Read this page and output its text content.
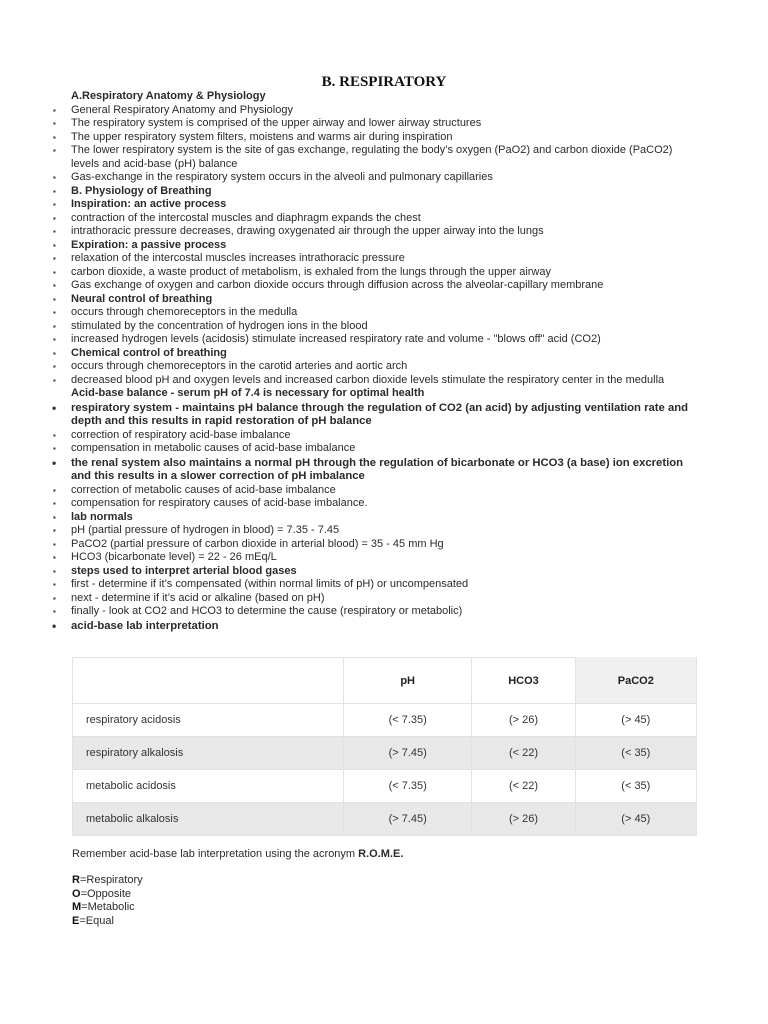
B. RESPIRATORY
A.Respiratory Anatomy & Physiology
▪ General Respiratory Anatomy and Physiology
▪ The respiratory system is comprised of the upper airway and lower airway structures
▪ The upper respiratory system filters, moistens and warms air during inspiration
▪ The lower respiratory system is the site of gas exchange, regulating the body’s oxygen (PaO2) and carbon dioxide (PaCO2) levels and acid-base (pH) balance
▪ Gas-exchange in the respiratory system occurs in the alveoli and pulmonary capillaries
▪ B. Physiology of Breathing
▪ Inspiration: an active process
▪ contraction of the intercostal muscles and diaphragm expands the chest
▪ intrathoracic pressure decreases, drawing oxygenated air through the upper airway into the lungs
▪ Expiration: a passive process
▪ relaxation of the intercostal muscles increases intrathoracic pressure
▪ carbon dioxide, a waste product of metabolism, is exhaled from the lungs through the upper airway
▪ Gas exchange of oxygen and carbon dioxide occurs through diffusion across the alveolar-capillary membrane
▪ Neural control of breathing
▪ occurs through chemoreceptors in the medulla
▪ stimulated by the concentration of hydrogen ions in the blood
▪ increased hydrogen levels (acidosis) stimulate increased respiratory rate and volume - "blows off" acid (CO2)
▪ Chemical control of breathing
▪ occurs through chemoreceptors in the carotid arteries and aortic arch
▪ decreased blood pH and oxygen levels and increased carbon dioxide levels stimulate the respiratory center in the medulla
Acid-base balance - serum pH of 7.4 is necessary for optimal health
• respiratory system - maintains pH balance through the regulation of CO2 (an acid) by adjusting ventilation rate and depth and this results in rapid restoration of pH balance
▪ correction of respiratory acid-base imbalance
▪ compensation in metabolic causes of acid-base imbalance
• the renal system also maintains a normal pH through the regulation of bicarbonate or HCO3 (a base) ion excretion and this results in a slower correction of pH imbalance
▪ correction of metabolic causes of acid-base imbalance
▪ compensation for respiratory causes of acid-base imbalance.
▪ lab normals
▪ pH (partial pressure of hydrogen in blood) = 7.35 - 7.45
▪ PaCO2 (partial pressure of carbon dioxide in arterial blood) = 35 - 45 mm Hg
▪ HCO3 (bicarbonate level) = 22 - 26 mEq/L
▪ steps used to interpret arterial blood gases
▪ first - determine if it’s compensated (within normal limits of pH) or uncompensated
▪ next - determine if it’s acid or alkaline (based on pH)
▪ finally - look at CO2 and HCO3 to determine the cause (respiratory or metabolic)
• acid-base lab interpretation
	pH	HCO3	PaCO2
respiratory acidosis	(< 7.35)	(> 26)	(> 45)
respiratory alkalosis	(> 7.45)	(< 22)	(< 35)
metabolic acidosis	(< 7.35)	(< 22)	(< 35)
metabolic alkalosis	(> 7.45)	(> 26)	(> 45)
Remember acid-base lab interpretation using the acronym R.O.M.E.
R=Respiratory
O=Opposite
M=Metabolic
E=Equal
